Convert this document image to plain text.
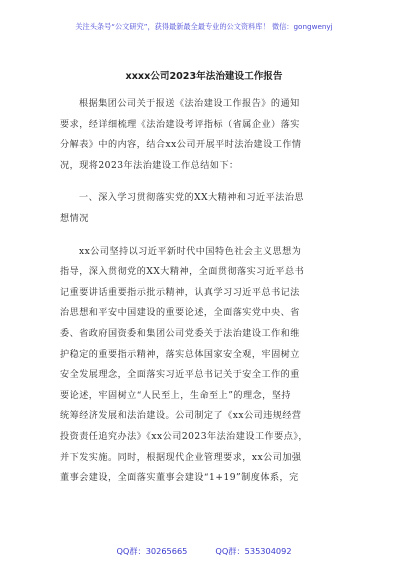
关注头条号“公文研究”，获得最新最全最专业的公文资料库！ 微信：gongwenyj
xxxx公司2023年法治建设工作报告
根据集团公司关于报送《法治建设工作报告》的通知
要求，经详细梳理《法治建设考评指标（省属企业）落实
分解表》中的内容，结合xx公司开展平时法治建设工作情
况，现将2023年法治建设工作总结如下：
一、深入学习贯彻落实党的XX大精神和习近平法治思
想情况
xx公司坚持以习近平新时代中国特色社会主义思想为
指导，深入贯彻党的XX大精神，全面贯彻落实习近平总书
记重要讲话重要指示批示精神，认真学习习近平总书记法
治思想和平安中国建设的重要论述，全面落实党中央、省
委、省政府国资委和集团公司党委关于法治建设工作和维
护稳定的重要指示精神，落实总体国家安全观，牢固树立
安全发展理念，全面落实习近平总书记关于安全工作的重
要论述，牢固树立“人民至上，生命至上”的理念，坚持
统筹经济发展和法治建设。公司制定了《xx公司违规经营
投资责任追究办法》《xx公司2023年法治建设工作要点》，
并下发实施。同时，根据现代企业管理要求，xx公司加强
董事会建设，全面落实董事会建设“1+19”制度体系，完
QQ群：30265665	QQ群：535304092
